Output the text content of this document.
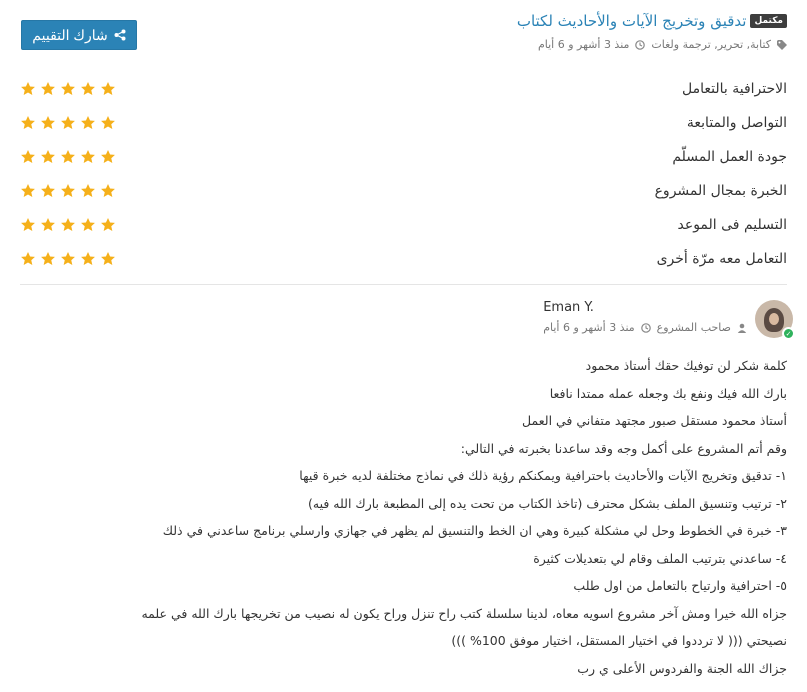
شارك التقييم
مكتمل
تدقيق وتخريج الآيات والأحاديث لكتاب
كتابة, تحرير, ترجمة ولغات
منذ 3 أشهر و 6 أيام
الاحترافية بالتعامل
التواصل والمتابعة
جودة العمل المسلّم
الخبرة بمجال المشروع
التسليم فى الموعد
التعامل معه مرّة أخرى
✓
Eman Y.
صاحب المشروع
منذ 3 أشهر و 6 أيام
كلمة شكر لن توفيك حقك أستاذ محمود
بارك الله فيك ونفع بك وجعله عمله ممتدا نافعا
أستاذ محمود مستقل صبور مجتهد متفاني في العمل
وقم أتم المشروع على أكمل وجه وقد ساعدنا بخبرته في التالي:
١- تدقيق وتخريج الآيات والأحاديث باحترافية ويمكنكم رؤية ذلك في نماذج مختلفة لديه خبرة قيها
٢- ترتيب وتنسيق الملف بشكل محترف (تاخذ الكتاب من تحت يده إلى المطبعة بارك الله فيه)
٣- خبرة في الخطوط وحل لي مشكلة كبيرة وهي ان الخط والتنسيق لم يظهر في جهازي وارسلي برنامج ساعدني في ذلك
٤- ساعدني بترتيب الملف وقام لي بتعديلات كثيرة
٥- احترافية وارتياح بالتعامل من اول طلب
جزاه الله خيرا ومش آخر مشروع اسويه معاه، لدينا سلسلة كتب راح تنزل وراح يكون له نصيب من تخريجها بارك الله في علمه
نصيحتي ((( لا ترددوا في اختيار المستقل، اختيار موفق 100% )))
جزاك الله الجنة والفردوس الأعلى ي رب
